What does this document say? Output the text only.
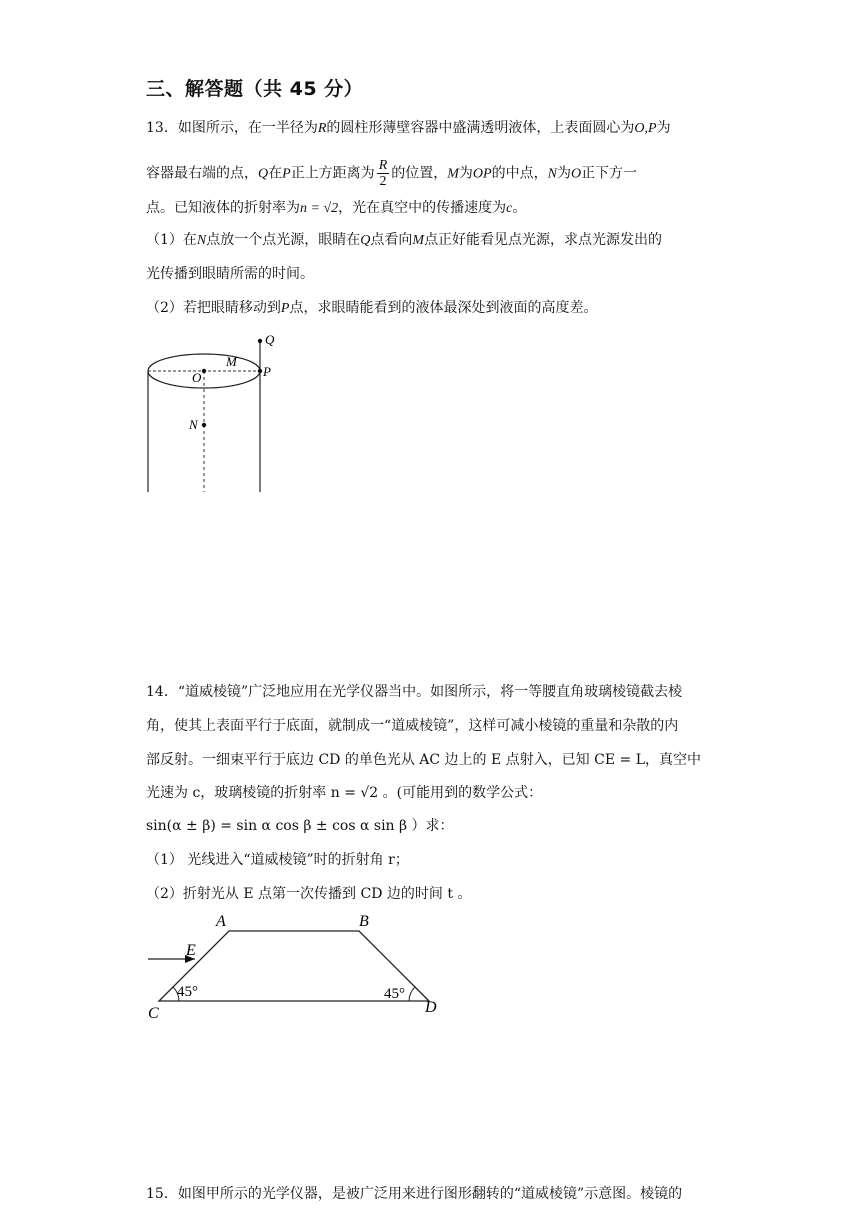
三、解答题（共 45 分）
13．如图所示，在一半径为R的圆柱形薄壁容器中盛满透明液体，上表面圆心为O,P为
容器最右端的点，Q在P正上方距离为 $\frac{R}{2}$ 的位置，M为OP的中点，N为O正下方一
点。已知液体的折射率为n = √2，光在真空中的传播速度为c。
（1）在N点放一个点光源，眼睛在Q点看向M点正好能看见点光源，求点光源发出的
光传播到眼睛所需的时间。
（2）若把眼睛移动到P点，求眼睛能看到的液体最深处到液面的高度差。
Q
M
O	P
N
14．“道威棱镜”广泛地应用在光学仪器当中。如图所示，将一等腰直角玻璃棱镜截去棱
角，使其上表面平行于底面，就制成一“道威棱镜”，这样可减小棱镜的重量和杂散的内
部反射。一细束平行于底边 CD 的单色光从 AC 边上的 E 点射入，已知 CE = L，真空中
光速为 c，玻璃棱镜的折射率 n = √2 。(可能用到的数学公式：
sin(α ± β) = sin α cos β ± cos α sin β ）求：
（1） 光线进入“道威棱镜”时的折射角 r；
（2）折射光从 E 点第一次传播到 CD 边的时间 t 。
A	B
C	D
E
45°	45°
15．如图甲所示的光学仪器，是被广泛用来进行图形翻转的“道威棱镜”示意图。棱镜的
